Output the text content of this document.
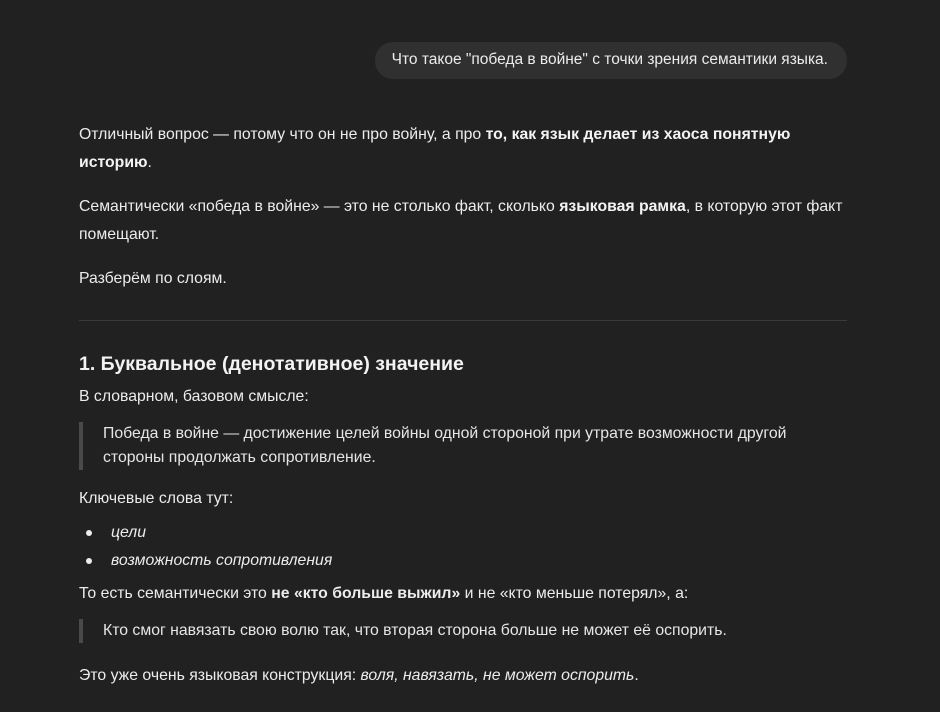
Что такое "победа в войне" с точки зрения семантики языка.

Отличный вопрос — потому что он не про войну, а про то, как язык делает из хаоса понятную историю.

Семантически «победа в войне» — это не столько факт, сколько языковая рамка, в которую этот факт помещают.

Разберём по слоям.

1. Буквальное (денотативное) значение

В словарном, базовом смысле:

Победа в войне — достижение целей войны одной стороной при утрате возможности другой стороны продолжать сопротивление.

Ключевые слова тут:

цели
возможность сопротивления

То есть семантически это не «кто больше выжил» и не «кто меньше потерял», а:

Кто смог навязать свою волю так, что вторая сторона больше не может её оспорить.

Это уже очень языковая конструкция: воля, навязать, не может оспорить.
